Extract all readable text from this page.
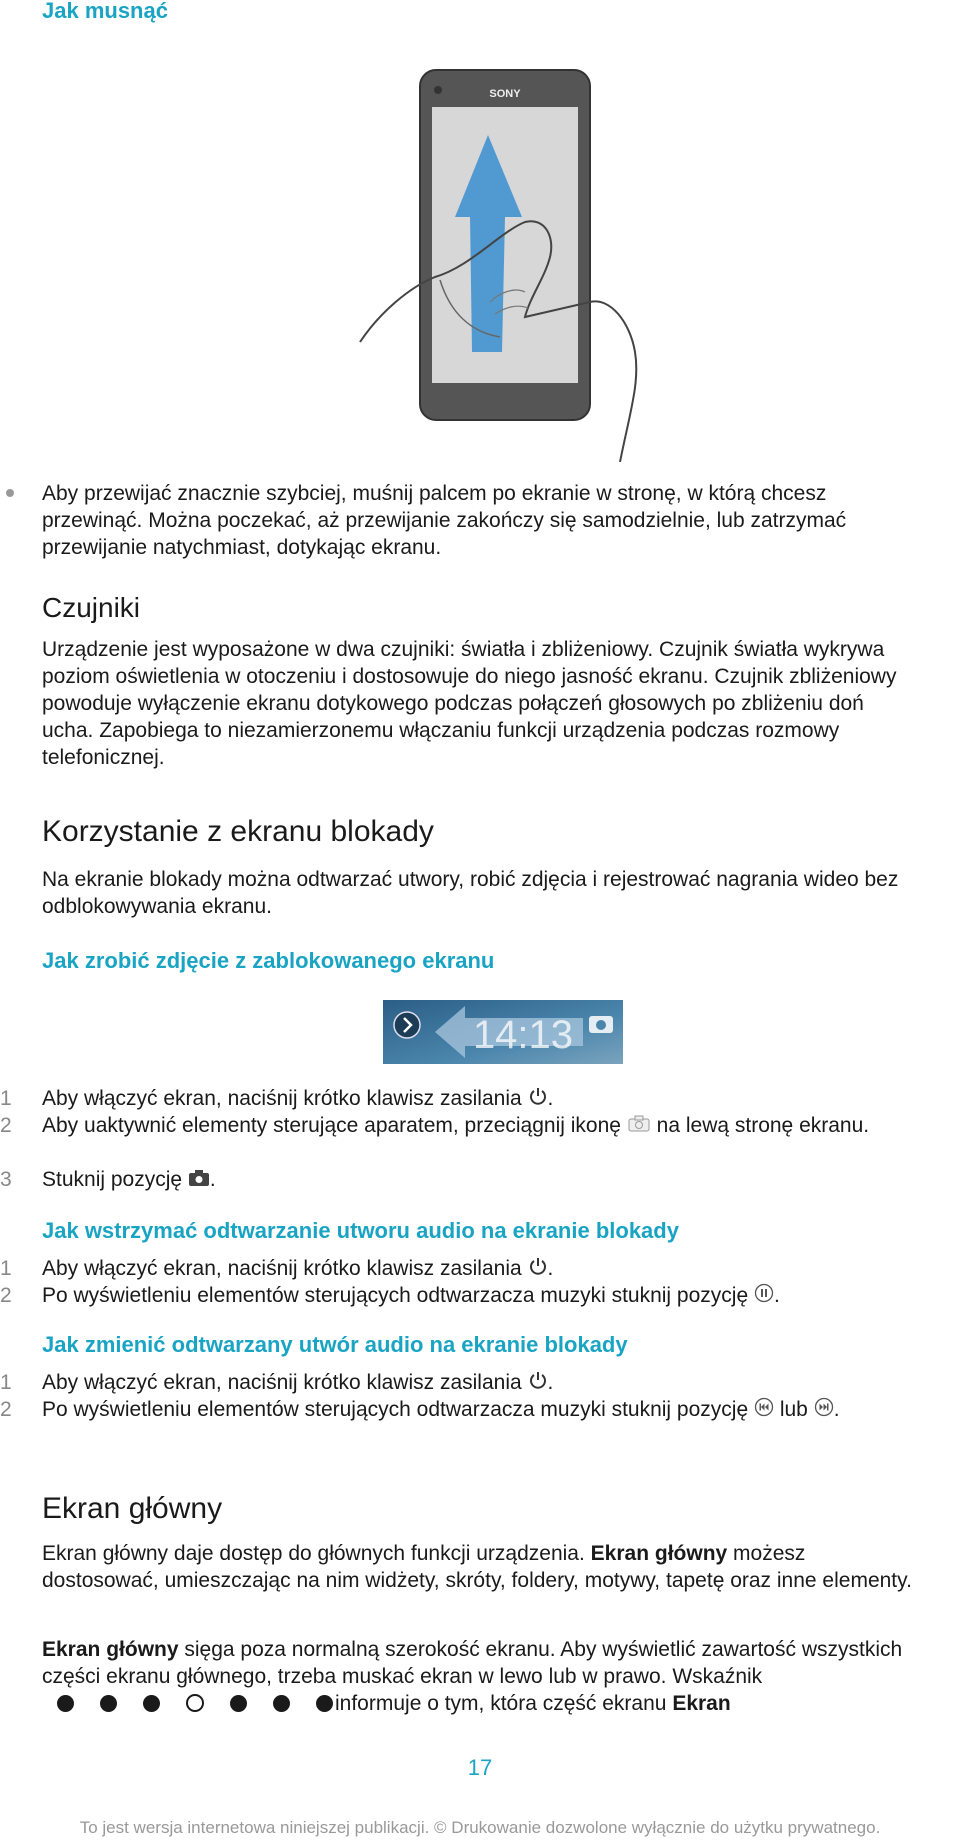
Jak musnąć
SONY
Aby przewijać znacznie szybciej, muśnij palcem po ekranie w stronę, w którą chcesz przewinąć. Można poczekać, aż przewijanie zakończy się samodzielnie, lub zatrzymać przewijanie natychmiast, dotykając ekranu.
Czujniki
Urządzenie jest wyposażone w dwa czujniki: światła i zbliżeniowy. Czujnik światła wykrywa poziom oświetlenia w otoczeniu i dostosowuje do niego jasność ekranu. Czujnik zbliżeniowy powoduje wyłączenie ekranu dotykowego podczas połączeń głosowych po zbliżeniu doń ucha. Zapobiega to niezamierzonemu włączaniu funkcji urządzenia podczas rozmowy telefonicznej.
Korzystanie z ekranu blokady
Na ekranie blokady można odtwarzać utwory, robić zdjęcia i rejestrować nagrania wideo bez odblokowywania ekranu.
Jak zrobić zdjęcie z zablokowanego ekranu
14:13
1	Aby włączyć ekran, naciśnij krótko klawisz zasilania .
2	Aby uaktywnić elementy sterujące aparatem, przeciągnij ikonę na lewą stronę ekranu.
3	Stuknij pozycję .
Jak wstrzymać odtwarzanie utworu audio na ekranie blokady
1	Aby włączyć ekran, naciśnij krótko klawisz zasilania .
2	Po wyświetleniu elementów sterujących odtwarzacza muzyki stuknij pozycję .
Jak zmienić odtwarzany utwór audio na ekranie blokady
1	Aby włączyć ekran, naciśnij krótko klawisz zasilania .
2	Po wyświetleniu elementów sterujących odtwarzacza muzyki stuknij pozycję lub .
Ekran główny
Ekran główny daje dostęp do głównych funkcji urządzenia. Ekran główny możesz dostosować, umieszczając na nim widżety, skróty, foldery, motywy, tapetę oraz inne elementy.
Ekran główny sięga poza normalną szerokość ekranu. Aby wyświetlić zawartość wszystkich części ekranu głównego, trzeba muskać ekran w lewo lub w prawo. Wskaźnikinformuje o tym, która część ekranu Ekran
17
To jest wersja internetowa niniejszej publikacji. © Drukowanie dozwolone wyłącznie do użytku prywatnego.
